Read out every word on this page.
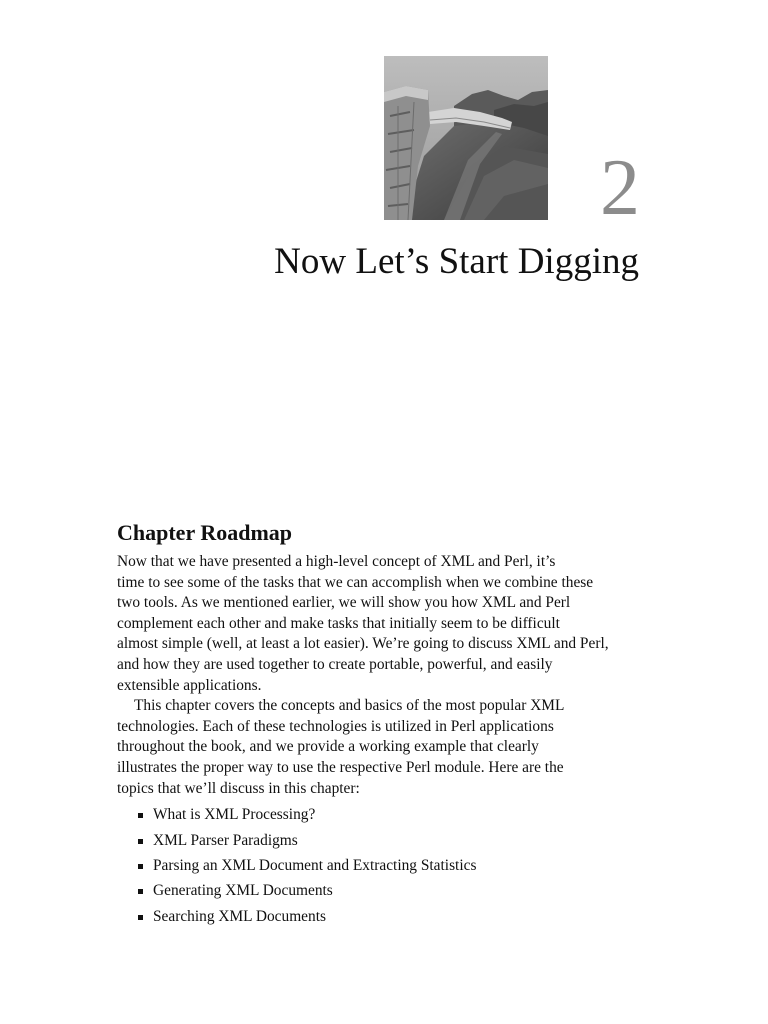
2
Now Let’s Start Digging
Chapter Roadmap

Now that we have presented a high-level concept of XML and Perl, it’s
time to see some of the tasks that we can accomplish when we combine these
two tools. As we mentioned earlier, we will show you how XML and Perl
complement each other and make tasks that initially seem to be difficult
almost simple (well, at least a lot easier). We’re going to discuss XML and Perl,
and how they are used together to create portable, powerful, and easily
extensible applications.

This chapter covers the concepts and basics of the most popular XML
technologies. Each of these technologies is utilized in Perl applications
throughout the book, and we provide a working example that clearly
illustrates the proper way to use the respective Perl module. Here are the
topics that we’ll discuss in this chapter:

What is XML Processing?
XML Parser Paradigms
Parsing an XML Document and Extracting Statistics
Generating XML Documents
Searching XML Documents
